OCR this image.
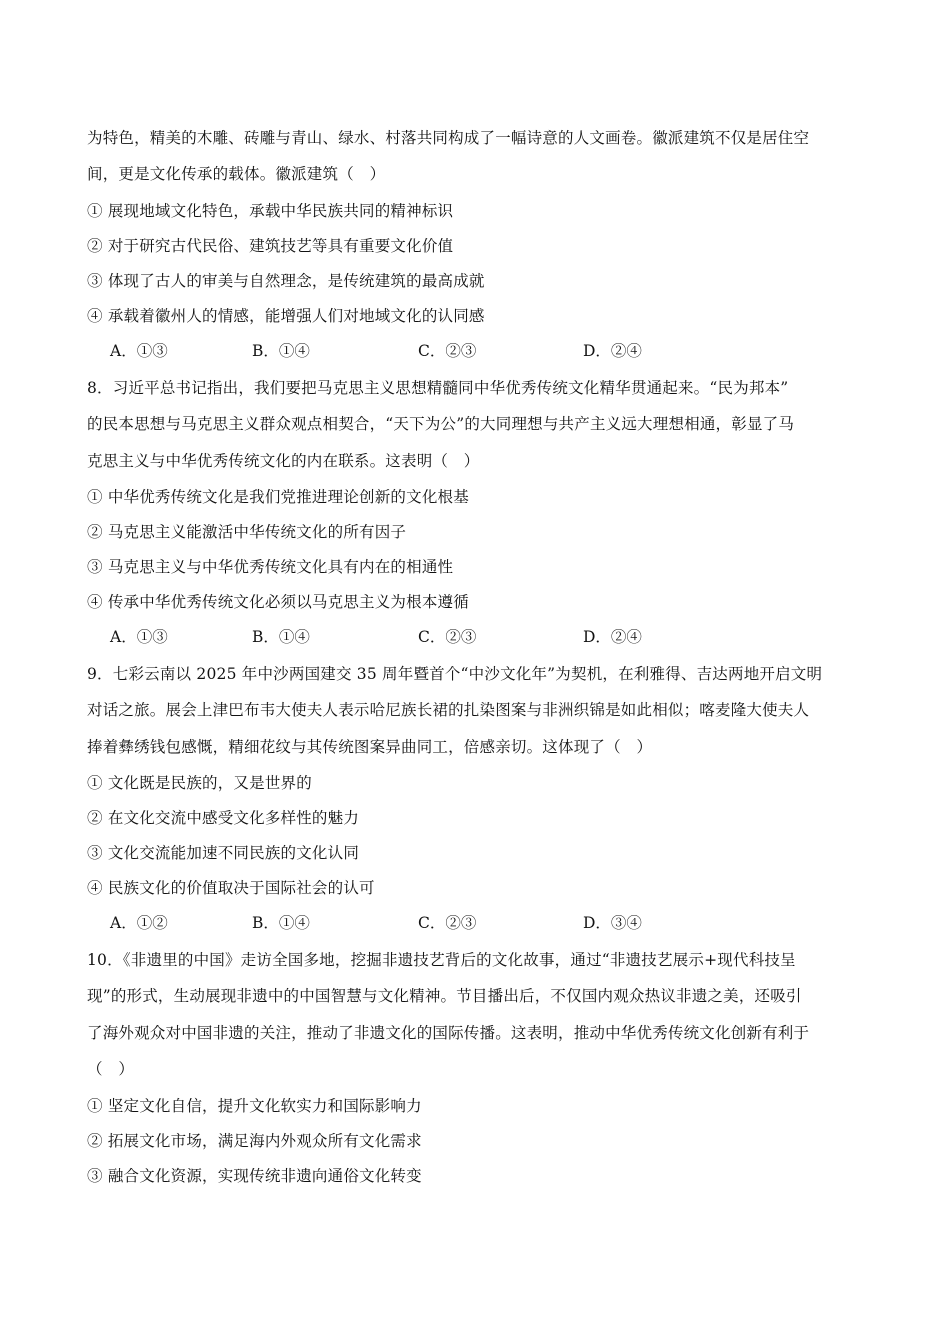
为特色，精美的木雕、砖雕与青山、绿水、村落共同构成了一幅诗意的人文画卷。徽派建筑不仅是居住空
间，更是文化传承的载体。徽派建筑（　）
① 展现地域文化特色，承载中华民族共同的精神标识
② 对于研究古代民俗、建筑技艺等具有重要文化价值
③ 体现了古人的审美与自然理念，是传统建筑的最高成就
④ 承载着徽州人的情感，能增强人们对地域文化的认同感
A．①③	B．①④	C．②③	D．②④
8．习近平总书记指出，我们要把马克思主义思想精髓同中华优秀传统文化精华贯通起来。“民为邦本”
的民本思想与马克思主义群众观点相契合，“天下为公”的大同理想与共产主义远大理想相通，彰显了马
克思主义与中华优秀传统文化的内在联系。这表明（　）
① 中华优秀传统文化是我们党推进理论创新的文化根基
② 马克思主义能激活中华传统文化的所有因子
③ 马克思主义与中华优秀传统文化具有内在的相通性
④ 传承中华优秀传统文化必须以马克思主义为根本遵循
A．①③	B．①④	C．②③	D．②④
9．七彩云南以 2025 年中沙两国建交 35 周年暨首个“中沙文化年”为契机，在利雅得、吉达两地开启文明
对话之旅。展会上津巴布韦大使夫人表示哈尼族长裙的扎染图案与非洲织锦是如此相似；喀麦隆大使夫人
捧着彝绣钱包感慨，精细花纹与其传统图案异曲同工，倍感亲切。这体现了（　）
① 文化既是民族的，又是世界的
② 在文化交流中感受文化多样性的魅力
③ 文化交流能加速不同民族的文化认同
④ 民族文化的价值取决于国际社会的认可
A．①②	B．①④	C．②③	D．③④
10．《非遗里的中国》走访全国多地，挖掘非遗技艺背后的文化故事，通过“非遗技艺展示+现代科技呈
现”的形式，生动展现非遗中的中国智慧与文化精神。节目播出后，不仅国内观众热议非遗之美，还吸引
了海外观众对中国非遗的关注，推动了非遗文化的国际传播。这表明，推动中华优秀传统文化创新有利于
（　）
① 坚定文化自信，提升文化软实力和国际影响力
② 拓展文化市场，满足海内外观众所有文化需求
③ 融合文化资源，实现传统非遗向通俗文化转变
